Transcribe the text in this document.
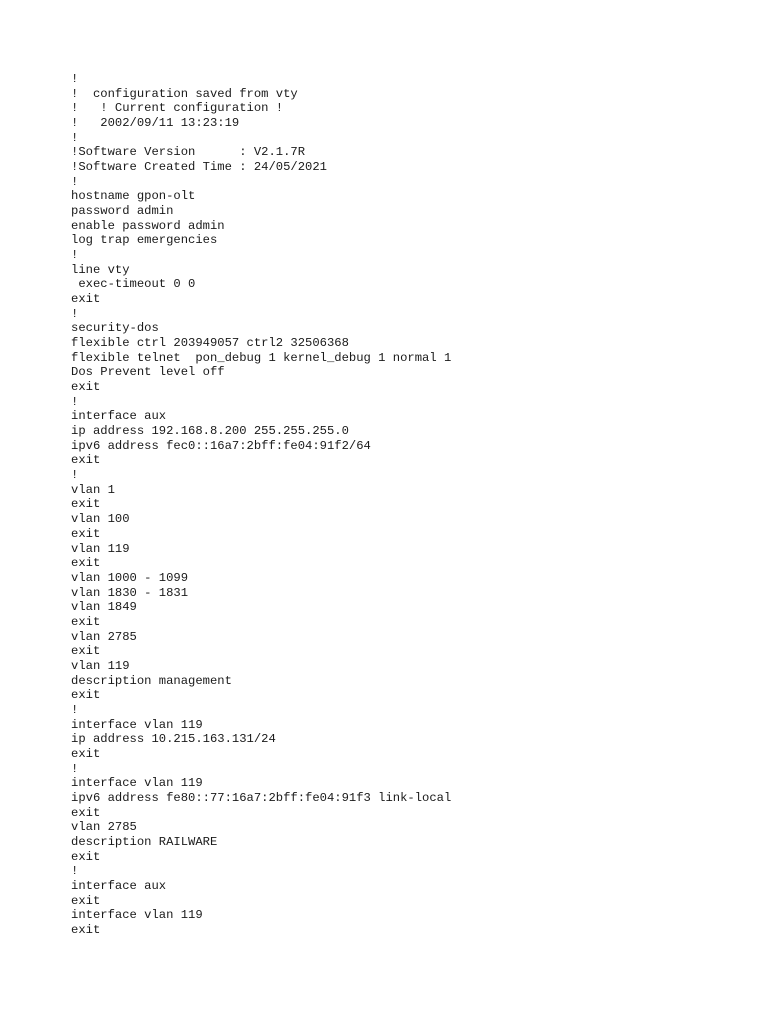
!
!  configuration saved from vty
!   ! Current configuration !
!   2002/09/11 13:23:19
!
!Software Version      : V2.1.7R
!Software Created Time : 24/05/2021
!
hostname gpon-olt
password admin
enable password admin
log trap emergencies
!
line vty
exec-timeout 0 0
exit
!
security-dos
flexible ctrl 203949057 ctrl2 32506368
flexible telnet  pon_debug 1 kernel_debug 1 normal 1
Dos Prevent level off
exit
!
interface aux
ip address 192.168.8.200 255.255.255.0
ipv6 address fec0::16a7:2bff:fe04:91f2/64
exit
!
vlan 1
exit
vlan 100
exit
vlan 119
exit
vlan 1000 - 1099
vlan 1830 - 1831
vlan 1849
exit
vlan 2785
exit
vlan 119
description management
exit
!
interface vlan 119
ip address 10.215.163.131/24
exit
!
interface vlan 119
ipv6 address fe80::77:16a7:2bff:fe04:91f3 link-local
exit
vlan 2785
description RAILWARE
exit
!
interface aux
exit
interface vlan 119
exit
